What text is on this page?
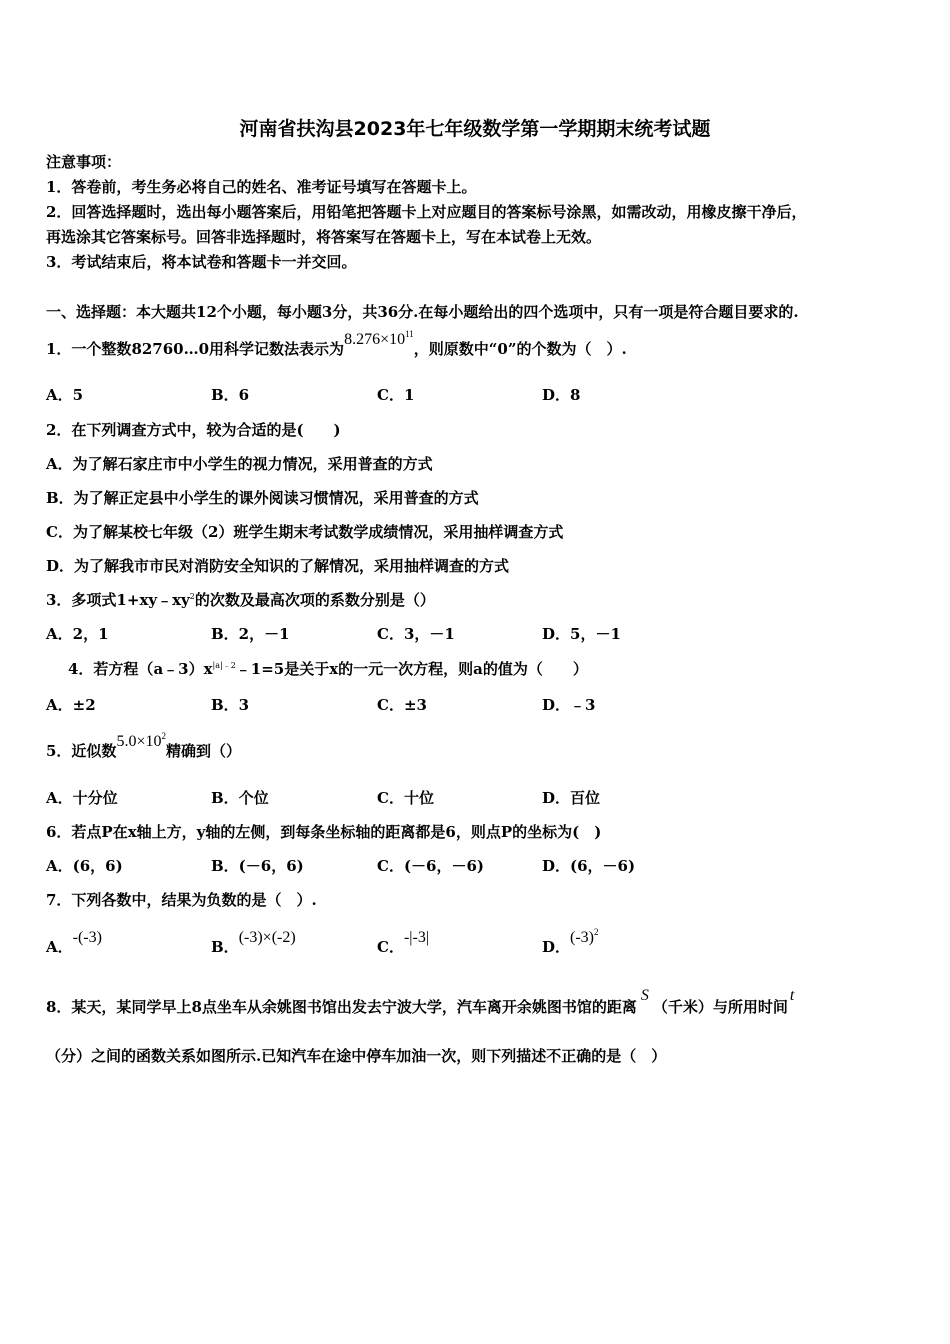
河南省扶沟县2023年七年级数学第一学期期末统考试题
注意事项：
1．答卷前，考生务必将自己的姓名、准考证号填写在答题卡上。
2．回答选择题时，选出每小题答案后，用铅笔把答题卡上对应题目的答案标号涂黑，如需改动，用橡皮擦干净后，
再选涂其它答案标号。回答非选择题时，将答案写在答题卡上，写在本试卷上无效。
3．考试结束后，将本试卷和答题卡一并交回。
一、选择题：本大题共12个小题，每小题3分，共36分.在每小题给出的四个选项中，只有一项是符合题目要求的.
1．一个整数82760…0用科学记数法表示为$8.276\times 10^{11}$，则原数中“0”的个数为（　）.
A．5	B．6	C．1	D．8
2．在下列调查方式中，较为合适的是(　　)
A．为了解石家庄市中小学生的视力情况，采用普查的方式
B．为了解正定县中小学生的课外阅读习惯情况，采用普查的方式
C．为了解某校七年级（2）班学生期末考试数学成绩情况，采用抽样调查方式
D．为了解我市市民对消防安全知识的了解情况，采用抽样调查的方式
3．多项式$1+xy﹣xy^2$的次数及最高次项的系数分别是（）
A．2，1	B．2，－1	C．3，－1	D．5，－1
4．若方程$(a﹣3)x^{|a|﹣2}﹣1=5$是关于x的一元一次方程，则a的值为（　　）
A．±2	B．3	C．±3	D．﹣3
5．近似数$5.0\times 10^2$精确到（）
A．十分位	B．个位	C．十位	D．百位
6．若点P在x轴上方，y轴的左侧，到每条坐标轴的距离都是6，则点P的坐标为(　)
A．(6，6)	B．(－6，6)	C．(－6，－6)	D．(6，－6)
7．下列各数中，结果为负数的是（　）.
A．-(-3)
B．(-3)×(-2)
C．-|-3|
D．$(-3)^2$
8．某天，某同学早上8点坐车从余姚图书馆出发去宁波大学，汽车离开余姚图书馆的距离S（千米）与所用时间t
（分）之间的函数关系如图所示.已知汽车在途中停车加油一次，则下列描述不正确的是（　）
